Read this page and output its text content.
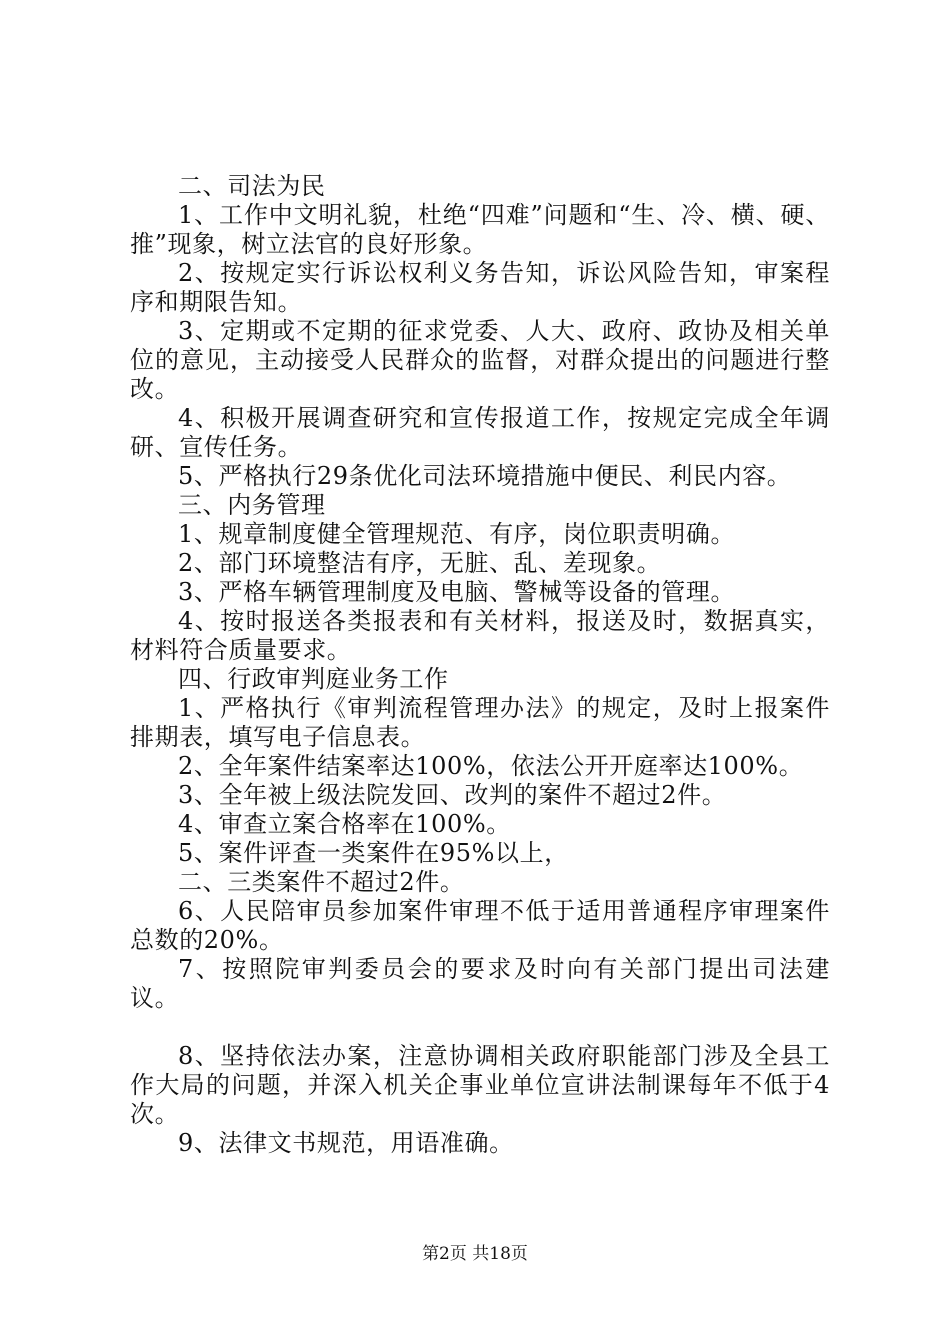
二、司法为民

1、工作中文明礼貌，杜绝“四难”问题和“生、冷、横、硬、推”现象，树立法官的良好形象。

2、按规定实行诉讼权利义务告知，诉讼风险告知，审案程序和期限告知。

3、定期或不定期的征求党委、人大、政府、政协及相关单位的意见，主动接受人民群众的监督，对群众提出的问题进行整改。

4、积极开展调查研究和宣传报道工作，按规定完成全年调研、宣传任务。

5、严格执行29条优化司法环境措施中便民、利民内容。

三、内务管理

1、规章制度健全管理规范、有序，岗位职责明确。

2、部门环境整洁有序，无脏、乱、差现象。

3、严格车辆管理制度及电脑、警械等设备的管理。

4、按时报送各类报表和有关材料，报送及时，数据真实，材料符合质量要求。

四、行政审判庭业务工作

1、严格执行《审判流程管理办法》的规定，及时上报案件排期表，填写电子信息表。

2、全年案件结案率达100%，依法公开开庭率达100%。

3、全年被上级法院发回、改判的案件不超过2件。

4、审查立案合格率在100%。

5、案件评查一类案件在95%以上，

二、三类案件不超过2件。

6、人民陪审员参加案件审理不低于适用普通程序审理案件总数的20%。

7、按照院审判委员会的要求及时向有关部门提出司法建议。

8、坚持依法办案，注意协调相关政府职能部门涉及全县工作大局的问题，并深入机关企事业单位宣讲法制课每年不低于4次。

9、法律文书规范，用语准确。

第2页 共18页
